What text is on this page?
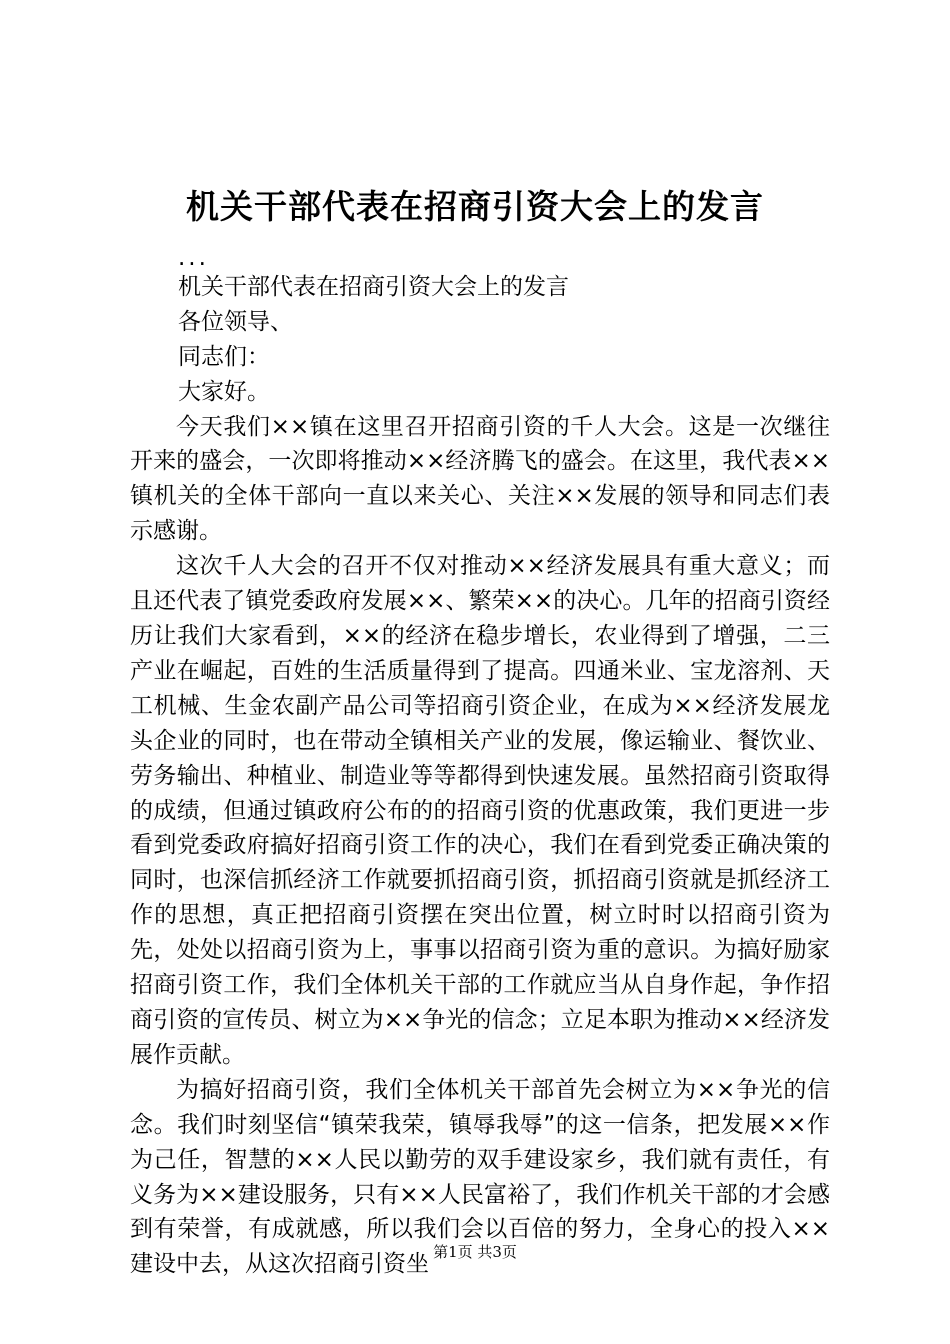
机关干部代表在招商引资大会上的发言
...
机关干部代表在招商引资大会上的发言
各位领导、
同志们：
大家好。

今天我们××镇在这里召开招商引资的千人大会。这是一次继往开来的盛会，一次即将推动××经济腾飞的盛会。在这里，我代表××镇机关的全体干部向一直以来关心、关注××发展的领导和同志们表示感谢。

这次千人大会的召开不仅对推动××经济发展具有重大意义；而且还代表了镇党委政府发展××、繁荣××的决心。几年的招商引资经历让我们大家看到，××的经济在稳步增长，农业得到了增强，二三产业在崛起，百姓的生活质量得到了提高。四通米业、宝龙溶剂、天工机械、生金农副产品公司等招商引资企业，在成为××经济发展龙头企业的同时，也在带动全镇相关产业的发展，像运输业、餐饮业、劳务输出、种植业、制造业等等都得到快速发展。虽然招商引资取得的成绩，但通过镇政府公布的的招商引资的优惠政策，我们更进一步看到党委政府搞好招商引资工作的决心，我们在看到党委正确决策的同时，也深信抓经济工作就要抓招商引资，抓招商引资就是抓经济工作的思想，真正把招商引资摆在突出位置，树立时时以招商引资为先，处处以招商引资为上，事事以招商引资为重的意识。为搞好励家招商引资工作，我们全体机关干部的工作就应当从自身作起，争作招商引资的宣传员、树立为××争光的信念；立足本职为推动××经济发展作贡献。

为搞好招商引资，我们全体机关干部首先会树立为××争光的信念。我们时刻坚信“镇荣我荣，镇辱我辱”的这一信条，把发展××作为己任，智慧的××人民以勤劳的双手建设家乡，我们就有责任，有义务为××建设服务，只有××人民富裕了，我们作机关干部的才会感到有荣誉，有成就感，所以我们会以百倍的努力，全身心的投入××建设中去，从这次招商引资坐 第1页 共3页
